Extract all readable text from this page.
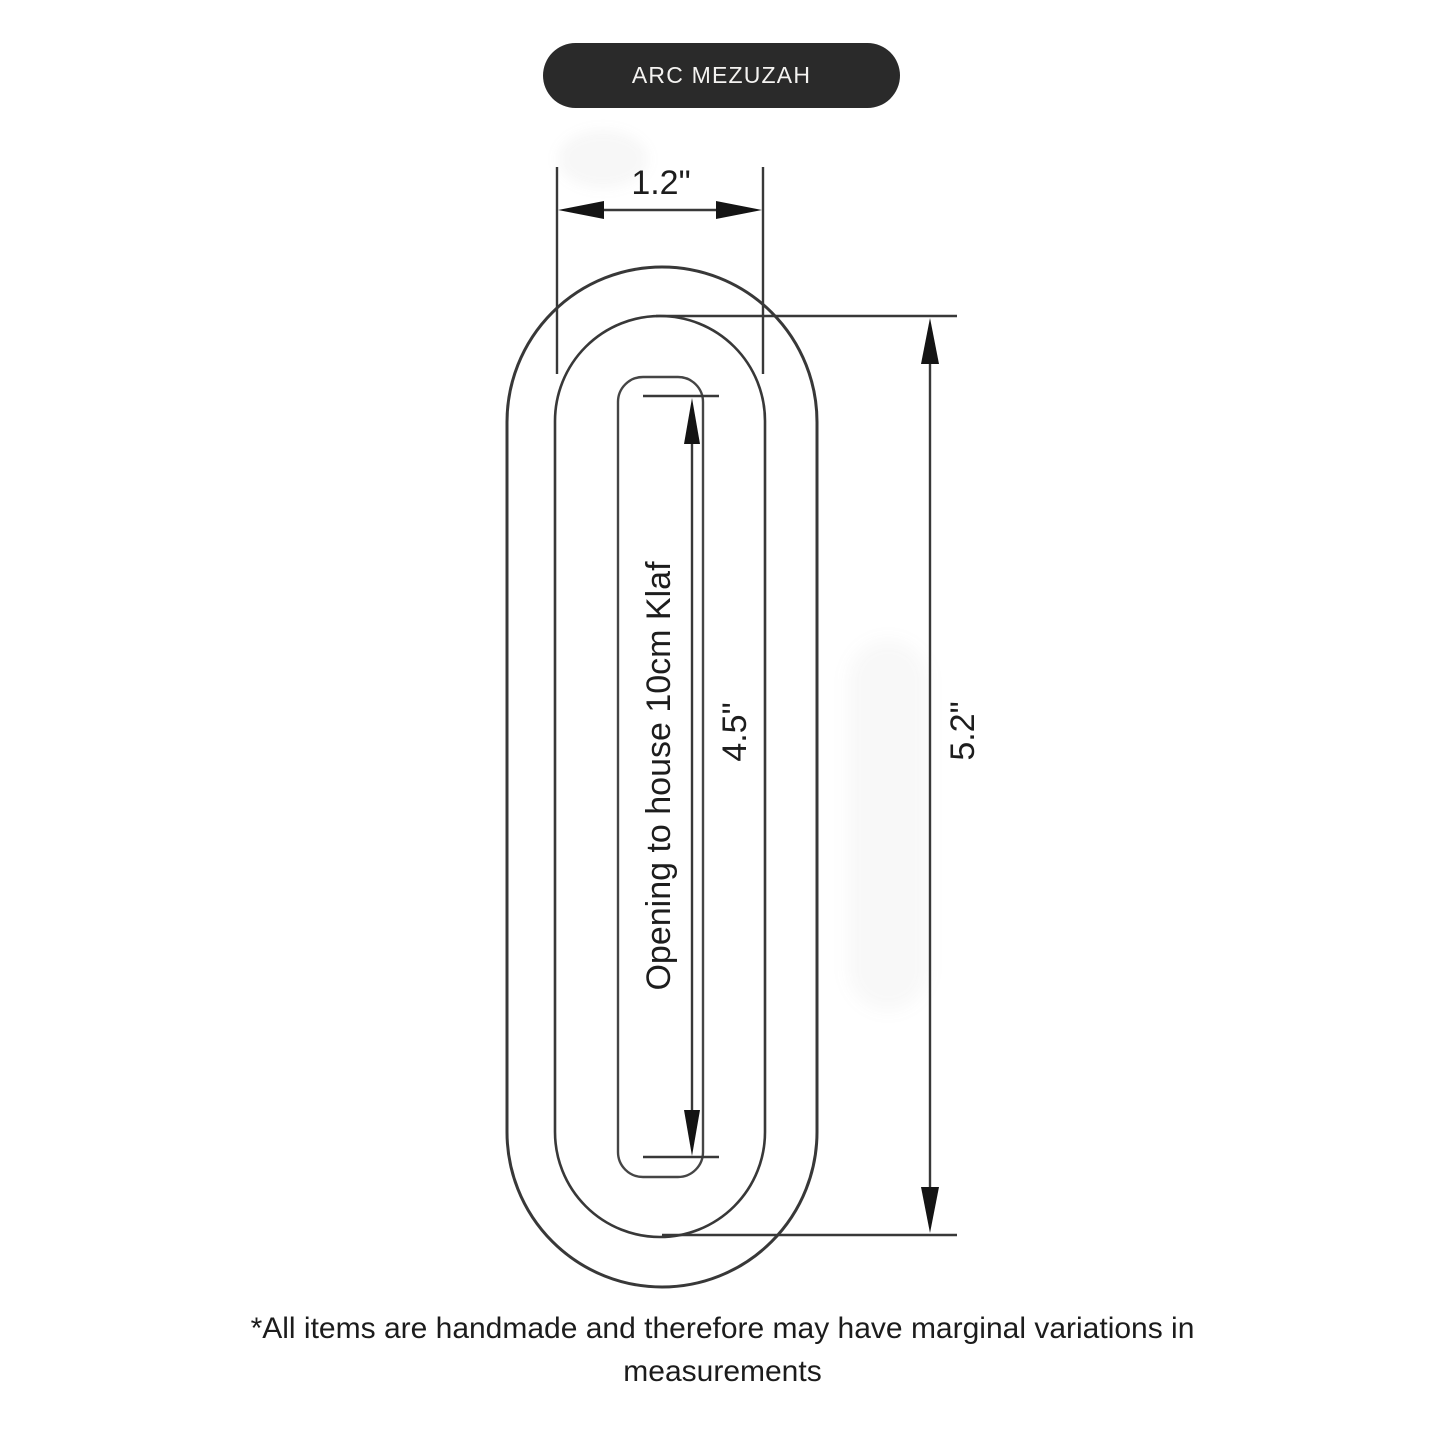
ARC MEZUZAH
1.2"
4.5"
Opening to house 10cm Klaf	5.2"
*All items are handmade and therefore may have marginal variations in
measurements
